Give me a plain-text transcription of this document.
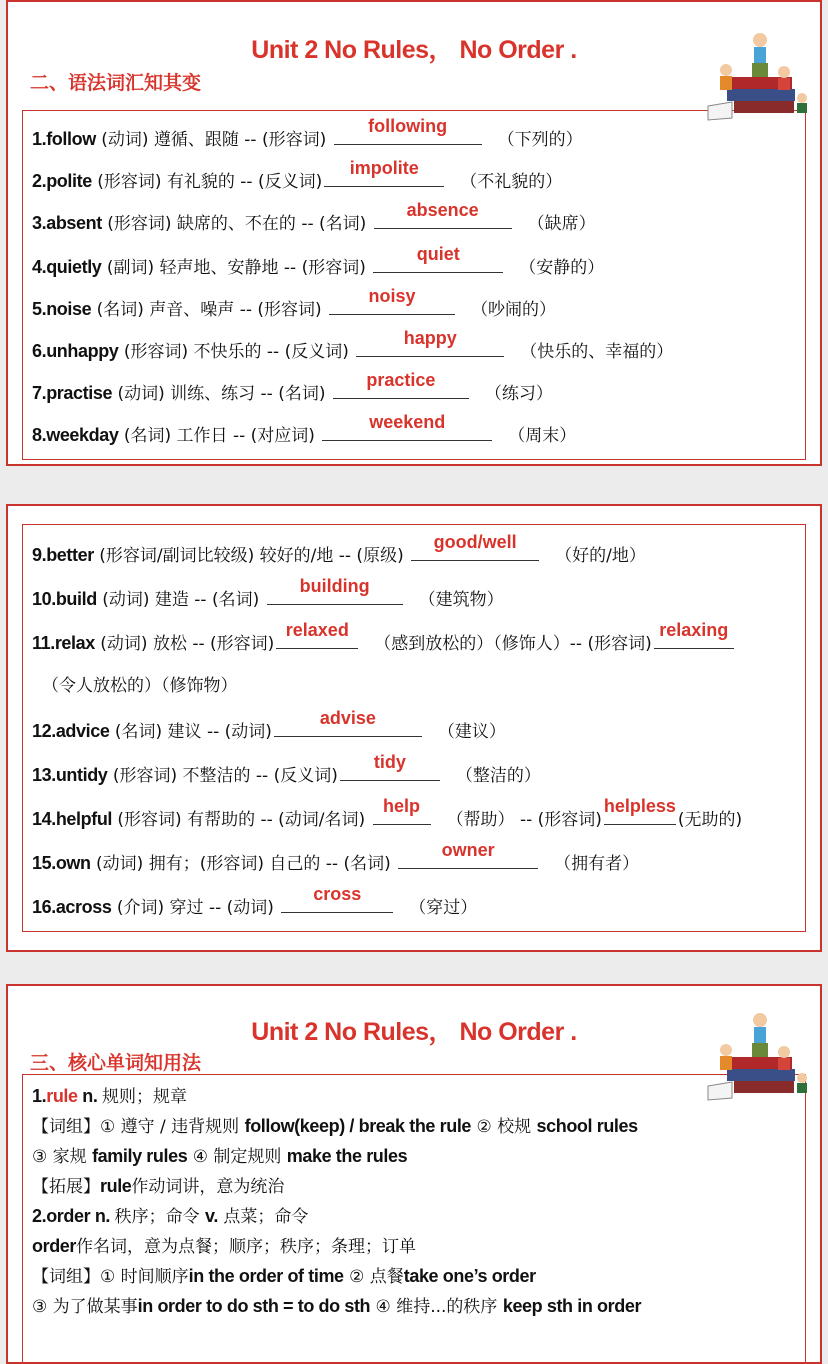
Unit 2 No Rules， No Order .
二、语法词汇知其变
1.follow (动词) 遵循、跟随 -- (形容词)
following
（下列的）
2.polite (形容词) 有礼貌的 -- (反义词)
impolite
（不礼貌的）
3.absent (形容词) 缺席的、不在的 -- (名词)
absence
（缺席）
4.quietly (副词) 轻声地、安静地 -- (形容词)
quiet
（安静的）
5.noise (名词) 声音、噪声 -- (形容词)
noisy
（吵闹的）
6.unhappy (形容词) 不快乐的 -- (反义词)
happy
（快乐的、幸福的）
7.practise (动词) 训练、练习 -- (名词)
practice
（练习）
8.weekday (名词) 工作日 -- (对应词)
weekend
（周末）
9.better (形容词/副词比较级) 较好的/地 -- (原级)
good/well
（好的/地）
10.build (动词) 建造 -- (名词)
building
（建筑物）
11.relax (动词) 放松 -- (形容词)
relaxed
（感到放松的）（修饰人）-- (形容词)
relaxing
（令人放松的）（修饰物）
12.advice (名词) 建议 -- (动词)
advise
（建议）
13.untidy (形容词) 不整洁的 -- (反义词)
tidy
（整洁的）
14.helpful (形容词) 有帮助的 -- (动词/名词)
help
（帮助） -- (形容词)
helpless
(无助的)
15.own (动词) 拥有；(形容词) 自己的 -- (名词)
owner
（拥有者）
16.across (介词) 穿过 -- (动词)
cross
（穿过）
Unit 2 No Rules， No Order .
三、核心单词知用法
1.rule n. 规则；规章
【词组】① 遵守 / 违背规则 follow(keep) / break the rule ② 校规 school rules
③ 家规 family rules ④ 制定规则 make the rules
【拓展】rule作动词讲，意为统治
2.order n. 秩序；命令 v. 点菜；命令
order作名词，意为点餐；顺序；秩序；条理；订单
【词组】① 时间顺序in the order of time ② 点餐take one’s order
③ 为了做某事in order to do sth = to do sth ④ 维持...的秩序 keep sth in order
